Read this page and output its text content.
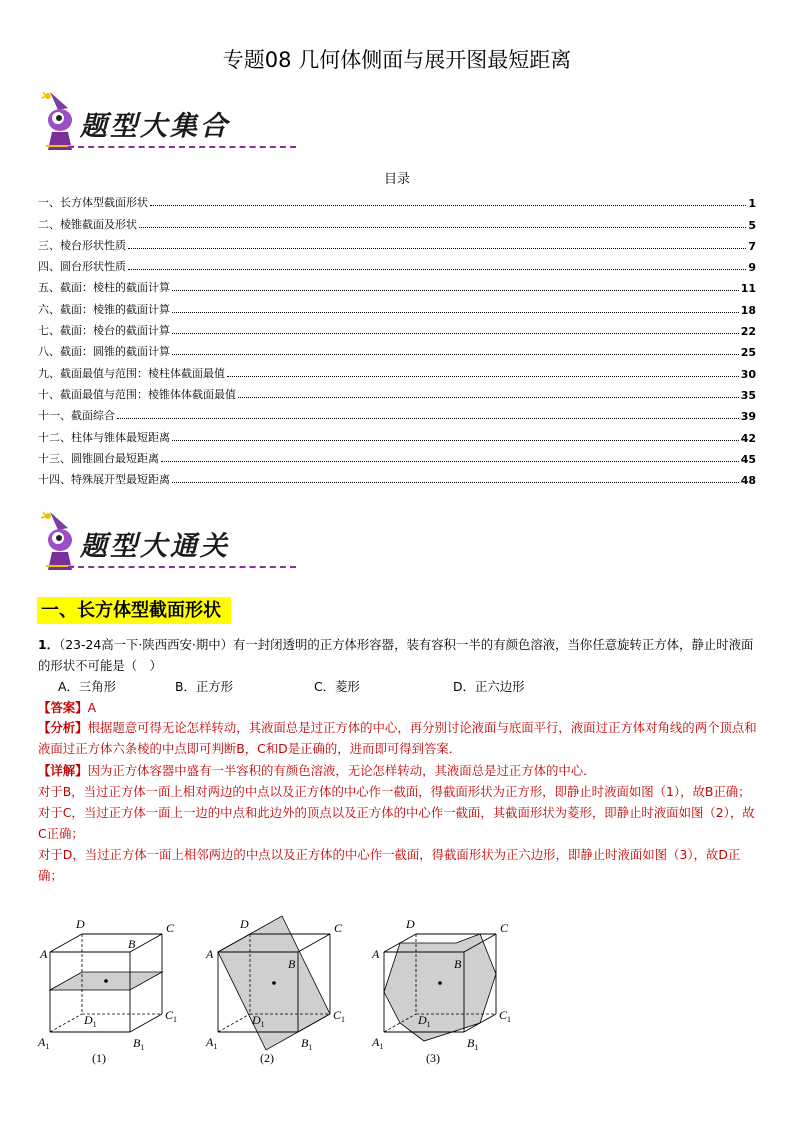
专题08 几何体侧面与展开图最短距离
题型大集合
目录
一、长方体型截面形状	1
二、棱锥截面及形状	5
三、棱台形状性质	7
四、圆台形状性质	9
五、截面：棱柱的截面计算	11
六、截面：棱锥的截面计算	18
七、截面：棱台的截面计算	22
八、截面：圆锥的截面计算	25
九、截面最值与范围：棱柱体截面最值	30
十、截面最值与范围：棱锥体体截面最值	35
十一、截面综合	39
十二、柱体与锥体最短距离	42
十三、圆锥圆台最短距离	45
十四、特殊展开型最短距离	48
题型大通关
一、长方体型截面形状
1．（23-24高一下·陕西西安·期中）有一封闭透明的正方体形容器，装有容积一半的有颜色溶液，当你任意旋转正方体，静止时液面的形状不可能是（　）
A．三角形	B．正方形	C．菱形	D．正六边形
【答案】A
【分析】根据题意可得无论怎样转动，其液面总是过正方体的中心，再分别讨论液面与底面平行，液面过正方体对角线的两个顶点和液面过正方体六条棱的中点即可判断B，C和D是正确的，进而即可得到答案．
【详解】因为正方体容器中盛有一半容积的有颜色溶液，无论怎样转动，其液面总是过正方体的中心．
对于B，当过正方体一面上相对两边的中点以及正方体的中心作一截面，得截面形状为正方形，即静止时液面如图（1），故B正确；
对于C，当过正方体一面上一边的中点和此边外的顶点以及正方体的中心作一截面，其截面形状为菱形，即静止时液面如图（2），故C正确；
对于D，当过正方体一面上相邻两边的中点以及正方体的中心作一截面，得截面形状为正六边形，即静止时液面如图（3），故D正确；
D	C
A
B
$D_1$
$C_1$
$A_1$	$B_1$
(1)
D	C
A
B
$D_1$
$C_1$
$A_1$	$B_1$
(2)
D	C
A
B
$D_1$
$C_1$
$A_1$	$B_1$
(3)
